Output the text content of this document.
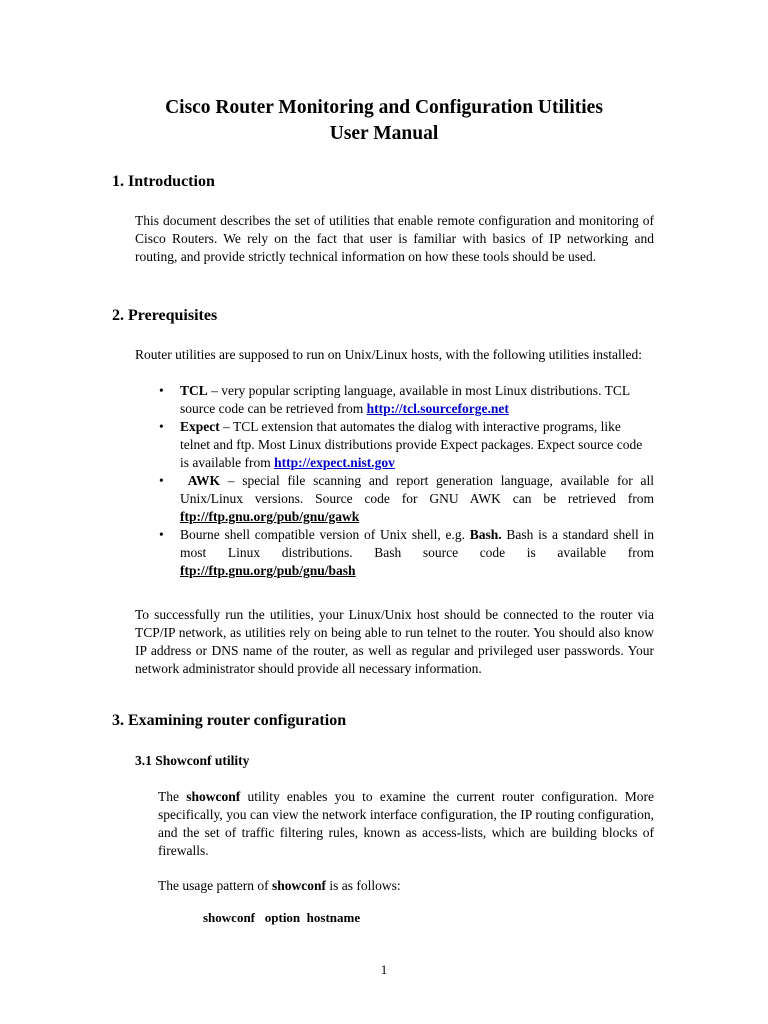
Cisco Router Monitoring and Configuration Utilities
User Manual
1. Introduction
This document describes the set of utilities that enable remote configuration and monitoring of Cisco Routers. We rely on the fact that user is familiar with basics of IP networking and routing, and provide strictly technical information on how these tools should be used.
2. Prerequisites
Router utilities are supposed to run on Unix/Linux hosts, with the following utilities installed:
• TCL – very popular scripting language, available in most Linux distributions. TCL source code can be retrieved from http://tcl.sourceforge.net
• Expect – TCL extension that automates the dialog with interactive programs, like telnet and ftp. Most Linux distributions provide Expect packages. Expect source code is available from http://expect.nist.gov
• AWK – special file scanning and report generation language, available for all Unix/Linux versions. Source code for GNU AWK can be retrieved from ftp://ftp.gnu.org/pub/gnu/gawk
• Bourne shell compatible version of Unix shell, e.g. Bash. Bash is a standard shell in most Linux distributions. Bash source code is available from ftp://ftp.gnu.org/pub/gnu/bash
To successfully run the utilities, your Linux/Unix host should be connected to the router via TCP/IP network, as utilities rely on being able to run telnet to the router. You should also know IP address or DNS name of the router, as well as regular and privileged user passwords. Your network administrator should provide all necessary information.
3. Examining router configuration
3.1 Showconf utility
The showconf utility enables you to examine the current router configuration. More specifically, you can view the network interface configuration, the IP routing configuration, and the set of traffic filtering rules, known as access-lists, which are building blocks of firewalls.
The usage pattern of showconf is as follows:
showconf   option  hostname
1
